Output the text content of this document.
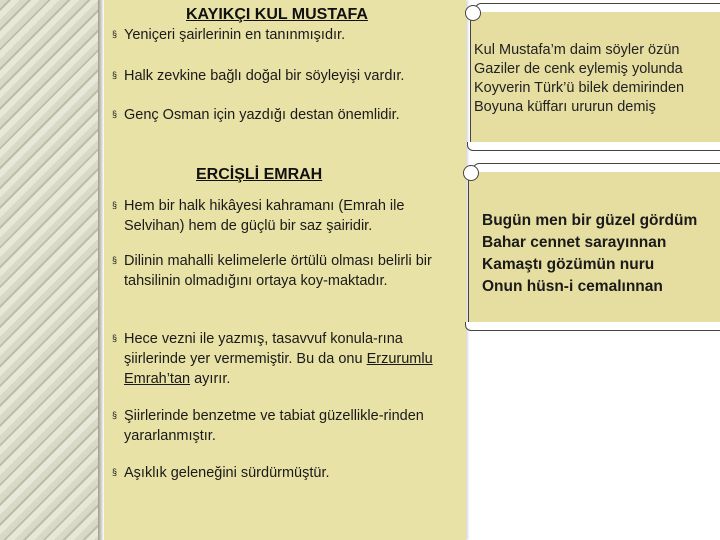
KAYIKÇI KUL MUSTAFA

§ Yeniçeri şairlerinin en tanınmışıdır.

§ Halk zevkine bağlı doğal bir söyleyişi vardır.

§ Genç Osman için yazdığı destan önemlidir.

ERCİŞLİ EMRAH

§ Hem bir halk hikâyesi kahramanı (Emrah ile Selvihan) hem de güçlü bir saz şairidir.

§ Dilinin mahalli kelimelerle örtülü olması belirli bir tahsilinin olmadığını ortaya koy-maktadır.

§ Hece vezni ile yazmış, tasavvuf konula-rına şiirlerinde yer vermemiştir. Bu da onu Erzurumlu Emrah’tan ayırır.

§ Şiirlerinde benzetme ve tabiat güzellikle-rinden yararlanmıştır.

§ Aşıklık geleneğini sürdürmüştür.

Kul Mustafa’m daim söyler özün
Gaziler de cenk eylemiş yolunda
Koyverin Türk’ü bilek demirinden
Boyuna küffarı ururun demiş
Bugün men bir güzel gördüm
Bahar cennet sarayınnan
Kamaştı gözümün nuru
Onun hüsn-i cemalınnan
